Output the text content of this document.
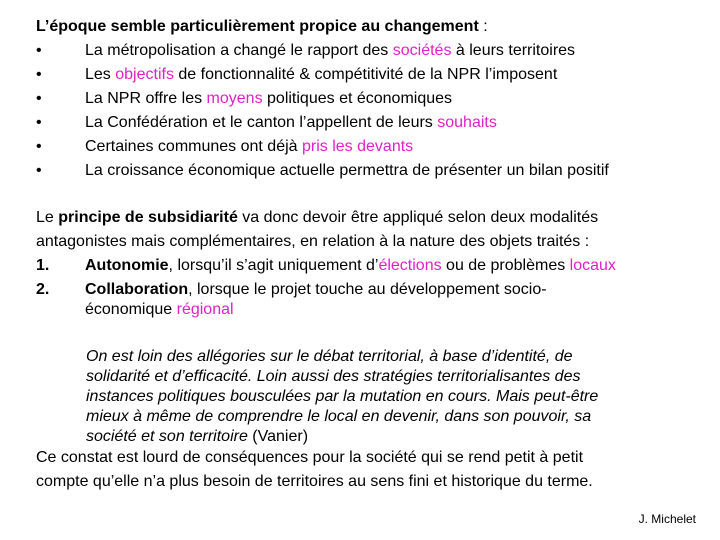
L’époque semble particulièrement propice au changement :
•	La métropolisation a changé le rapport des sociétés à leurs territoires
•	Les objectifs de fonctionnalité & compétitivité de la NPR l’imposent
•	La NPR offre les moyens politiques et économiques
•	La Confédération et le canton l’appellent de leurs souhaits
•	Certaines communes ont déjà pris les devants
•	La croissance économique actuelle permettra de présenter un bilan positif
Le principe de subsidiarité va donc devoir être appliqué selon deux modalités
antagonistes mais complémentaires, en relation à la nature des objets traités :
1. Autonomie, lorsqu’il s’agit uniquement d’élections ou de problèmes locaux
2. Collaboration, lorsque le projet touche au développement socio-
économique régional
On est loin des allégories sur le débat territorial, à base d’identité, de
solidarité et d’efficacité. Loin aussi des stratégies territorialisantes des
instances politiques bousculées par la mutation en cours. Mais peut-être
mieux à même de comprendre le local en devenir, dans son pouvoir, sa
société et son territoire (Vanier)
Ce constat est lourd de conséquences pour la société qui se rend petit à petit
compte qu’elle n’a plus besoin de territoires au sens fini et historique du terme.
J. Michelet
